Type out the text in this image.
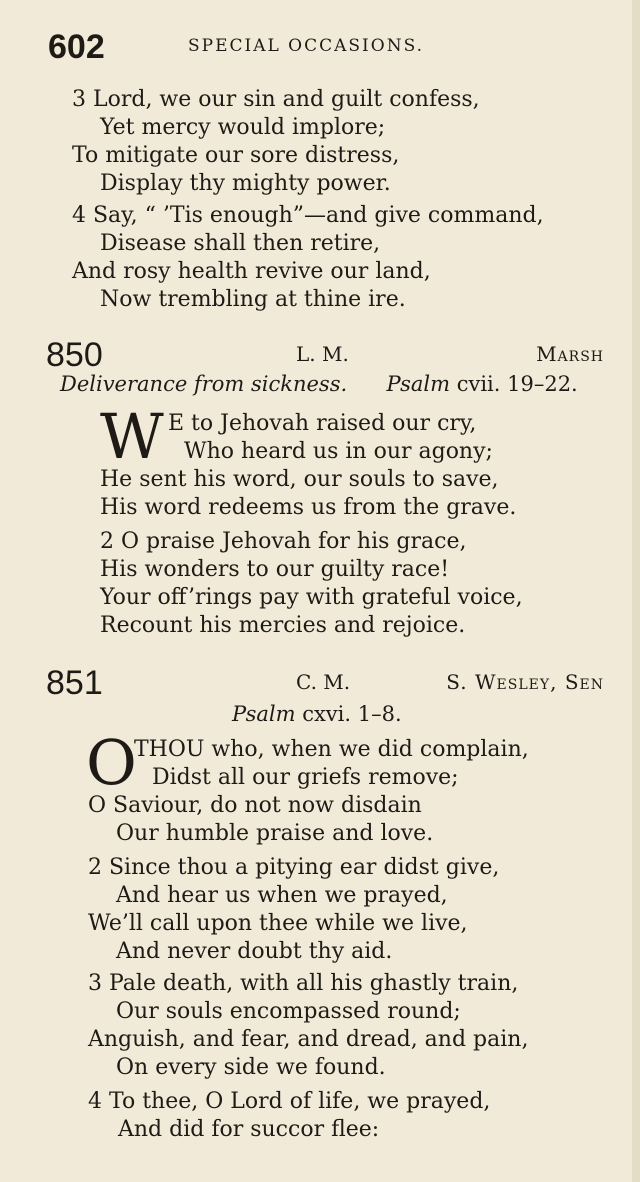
602	SPECIAL OCCASIONS.
3 Lord, we our sin and guilt confess,
Yet mercy would implore;
To mitigate our sore distress,
Display thy mighty power.
4 Say, “ ’Tis enough”—and give command,
Disease shall then retire,
And rosy health revive our land,
Now trembling at thine ire.
850	L. M.	Marsh
Deliverance from sickness. Psalm cvii. 19–22.
W E to Jehovah raised our cry,
Who heard us in our agony;
He sent his word, our souls to save,
His word redeems us from the grave.
2 O praise Jehovah for his grace,
His wonders to our guilty race!
Your off’rings pay with grateful voice,
Recount his mercies and rejoice.
851	C. M.	S. Wesley, Sen
Psalm cxvi. 1–8.
O
THOU who, when we did complain,
Didst all our griefs remove;
O Saviour, do not now disdain
Our humble praise and love.
2 Since thou a pitying ear didst give,
And hear us when we prayed,
We’ll call upon thee while we live,
And never doubt thy aid.
3 Pale death, with all his ghastly train,
Our souls encompassed round;
Anguish, and fear, and dread, and pain,
On every side we found.
4 To thee, O Lord of life, we prayed,
And did for succor flee:
